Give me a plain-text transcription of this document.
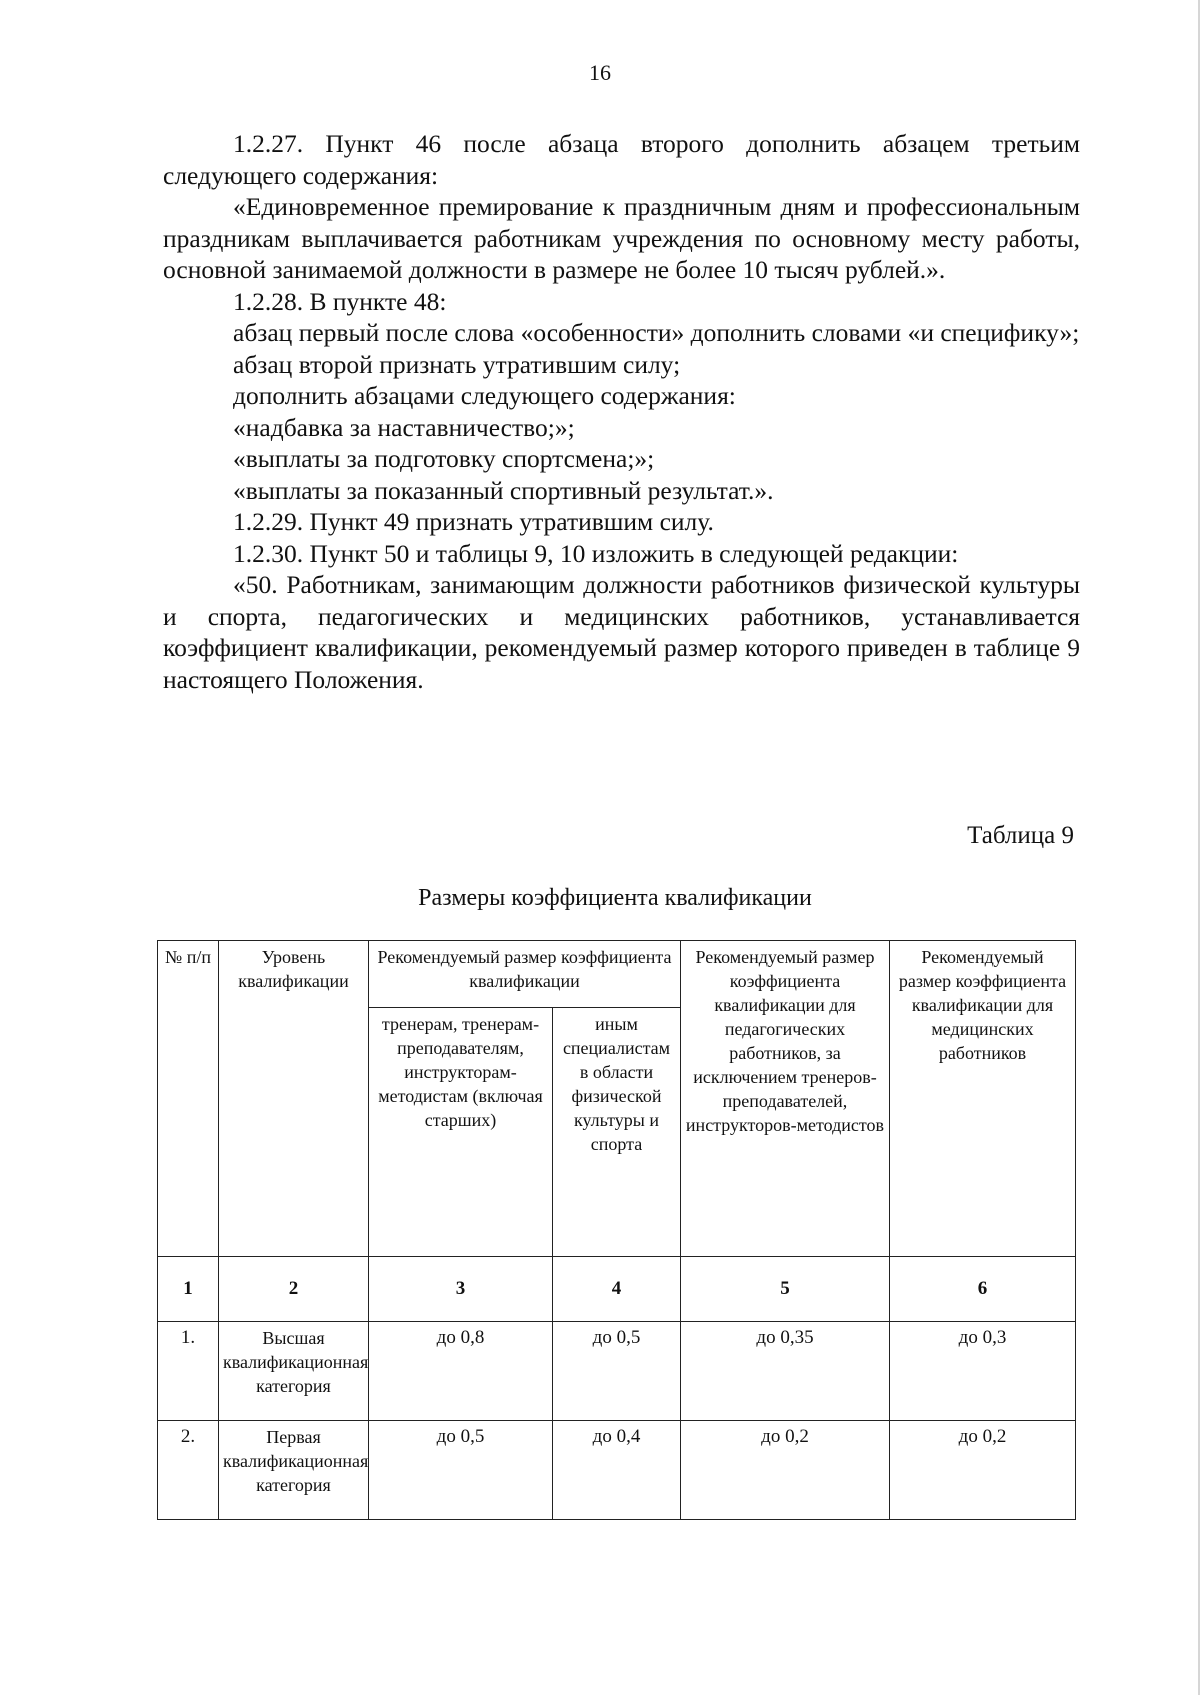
16

1.2.27. Пункт 46 после абзаца второго дополнить абзацем третьим следующего содержания:

«Единовременное премирование к праздничным дням и профессиональным праздникам выплачивается работникам учреждения по основному месту работы, основной занимаемой должности в размере не более 10 тысяч рублей.».

1.2.28. В пункте 48:

абзац первый после слова «особенности» дополнить словами «и специфику»;

абзац второй признать утратившим силу;

дополнить абзацами следующего содержания:

«надбавка за наставничество;»;

«выплаты за подготовку спортсмена;»;

«выплаты за показанный спортивный результат.».

1.2.29. Пункт 49 признать утратившим силу.

1.2.30. Пункт 50 и таблицы 9, 10 изложить в следующей редакции:

«50. Работникам, занимающим должности работников физической культуры и спорта, педагогических и медицинских работников, устанавливается коэффициент квалификации, рекомендуемый размер которого приведен в таблице 9 настоящего Положения.

Таблица 9
Размеры коэффициента квалификации
№ п/п	Уровень квалификации	Рекомендуемый размер коэффициента квалификации		Рекомендуемый размер коэффициента квалификации для педагогических работников, за исключением тренеров-преподавателей, инструкторов-методистов	Рекомендуемый размер коэффициента квалификации для медицинских работников
		тренерам, тренерам-преподавателям, инструкторам-методистам (включая старших)	иным специалистам в области физической культуры и спорта		
1	2	3	4	5	6
1.	Высшая квалификационная категория	до 0,8	до 0,5	до 0,35	до 0,3
2.	Первая квалификационная категория	до 0,5	до 0,4	до 0,2	до 0,2
